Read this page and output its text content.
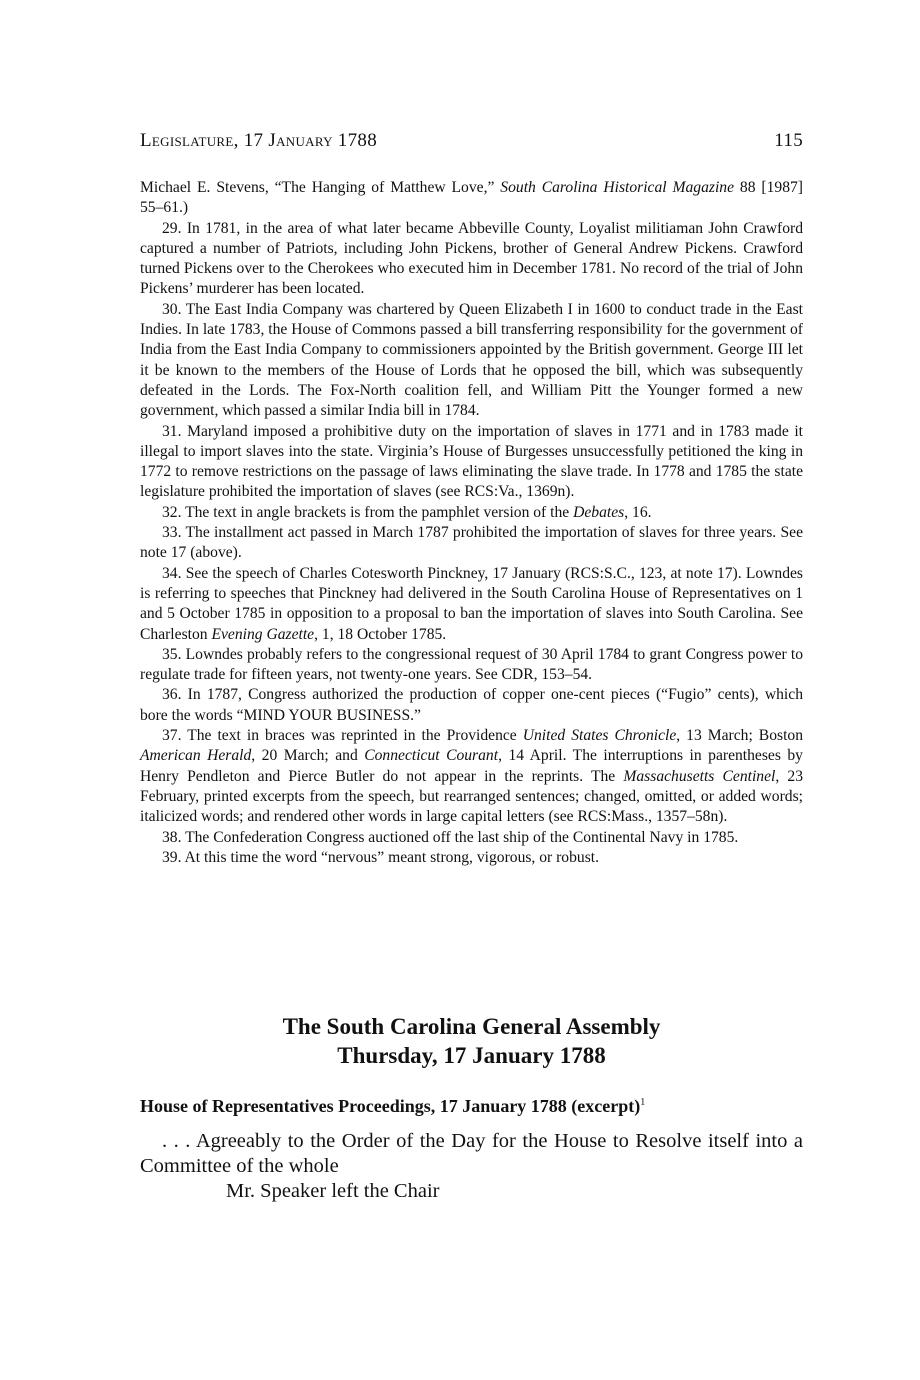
Legislature, 17 January 1788	115

Michael E. Stevens, “The Hanging of Matthew Love,” South Carolina Historical Magazine 88 [1987] 55–61.)

29. In 1781, in the area of what later became Abbeville County, Loyalist militiaman John Crawford captured a number of Patriots, including John Pickens, brother of General Andrew Pickens. Crawford turned Pickens over to the Cherokees who executed him in December 1781. No record of the trial of John Pickens’ murderer has been located.

30. The East India Company was chartered by Queen Elizabeth I in 1600 to conduct trade in the East Indies. In late 1783, the House of Commons passed a bill transferring responsibility for the government of India from the East India Company to commissioners appointed by the British government. George III let it be known to the members of the House of Lords that he opposed the bill, which was subsequently defeated in the Lords. The Fox-North coalition fell, and William Pitt the Younger formed a new government, which passed a similar India bill in 1784.

31. Maryland imposed a prohibitive duty on the importation of slaves in 1771 and in 1783 made it illegal to import slaves into the state. Virginia’s House of Burgesses unsuccessfully petitioned the king in 1772 to remove restrictions on the passage of laws eliminating the slave trade. In 1778 and 1785 the state legislature prohibited the importation of slaves (see RCS:Va., 1369n).

32. The text in angle brackets is from the pamphlet version of the Debates, 16.

33. The installment act passed in March 1787 prohibited the importation of slaves for three years. See note 17 (above).

34. See the speech of Charles Cotesworth Pinckney, 17 January (RCS:S.C., 123, at note 17). Lowndes is referring to speeches that Pinckney had delivered in the South Carolina House of Representatives on 1 and 5 October 1785 in opposition to a proposal to ban the importation of slaves into South Carolina. See Charleston Evening Gazette, 1, 18 October 1785.

35. Lowndes probably refers to the congressional request of 30 April 1784 to grant Congress power to regulate trade for fifteen years, not twenty-one years. See CDR, 153–54.

36. In 1787, Congress authorized the production of copper one-cent pieces (“Fugio” cents), which bore the words “MIND YOUR BUSINESS.”

37. The text in braces was reprinted in the Providence United States Chronicle, 13 March; Boston American Herald, 20 March; and Connecticut Courant, 14 April. The interruptions in parentheses by Henry Pendleton and Pierce Butler do not appear in the reprints. The Massachusetts Centinel, 23 February, printed excerpts from the speech, but rearranged sentences; changed, omitted, or added words; italicized words; and rendered other words in large capital letters (see RCS:Mass., 1357–58n).

38. The Confederation Congress auctioned off the last ship of the Continental Navy in 1785.

39. At this time the word “nervous” meant strong, vigorous, or robust.

The South Carolina General Assembly
Thursday, 17 January 1788
House of Representatives Proceedings, 17 January 1788 (excerpt)$^1$

. . . Agreeably to the Order of the Day for the House to Resolve itself into a Committee of the whole

Mr. Speaker left the Chair
